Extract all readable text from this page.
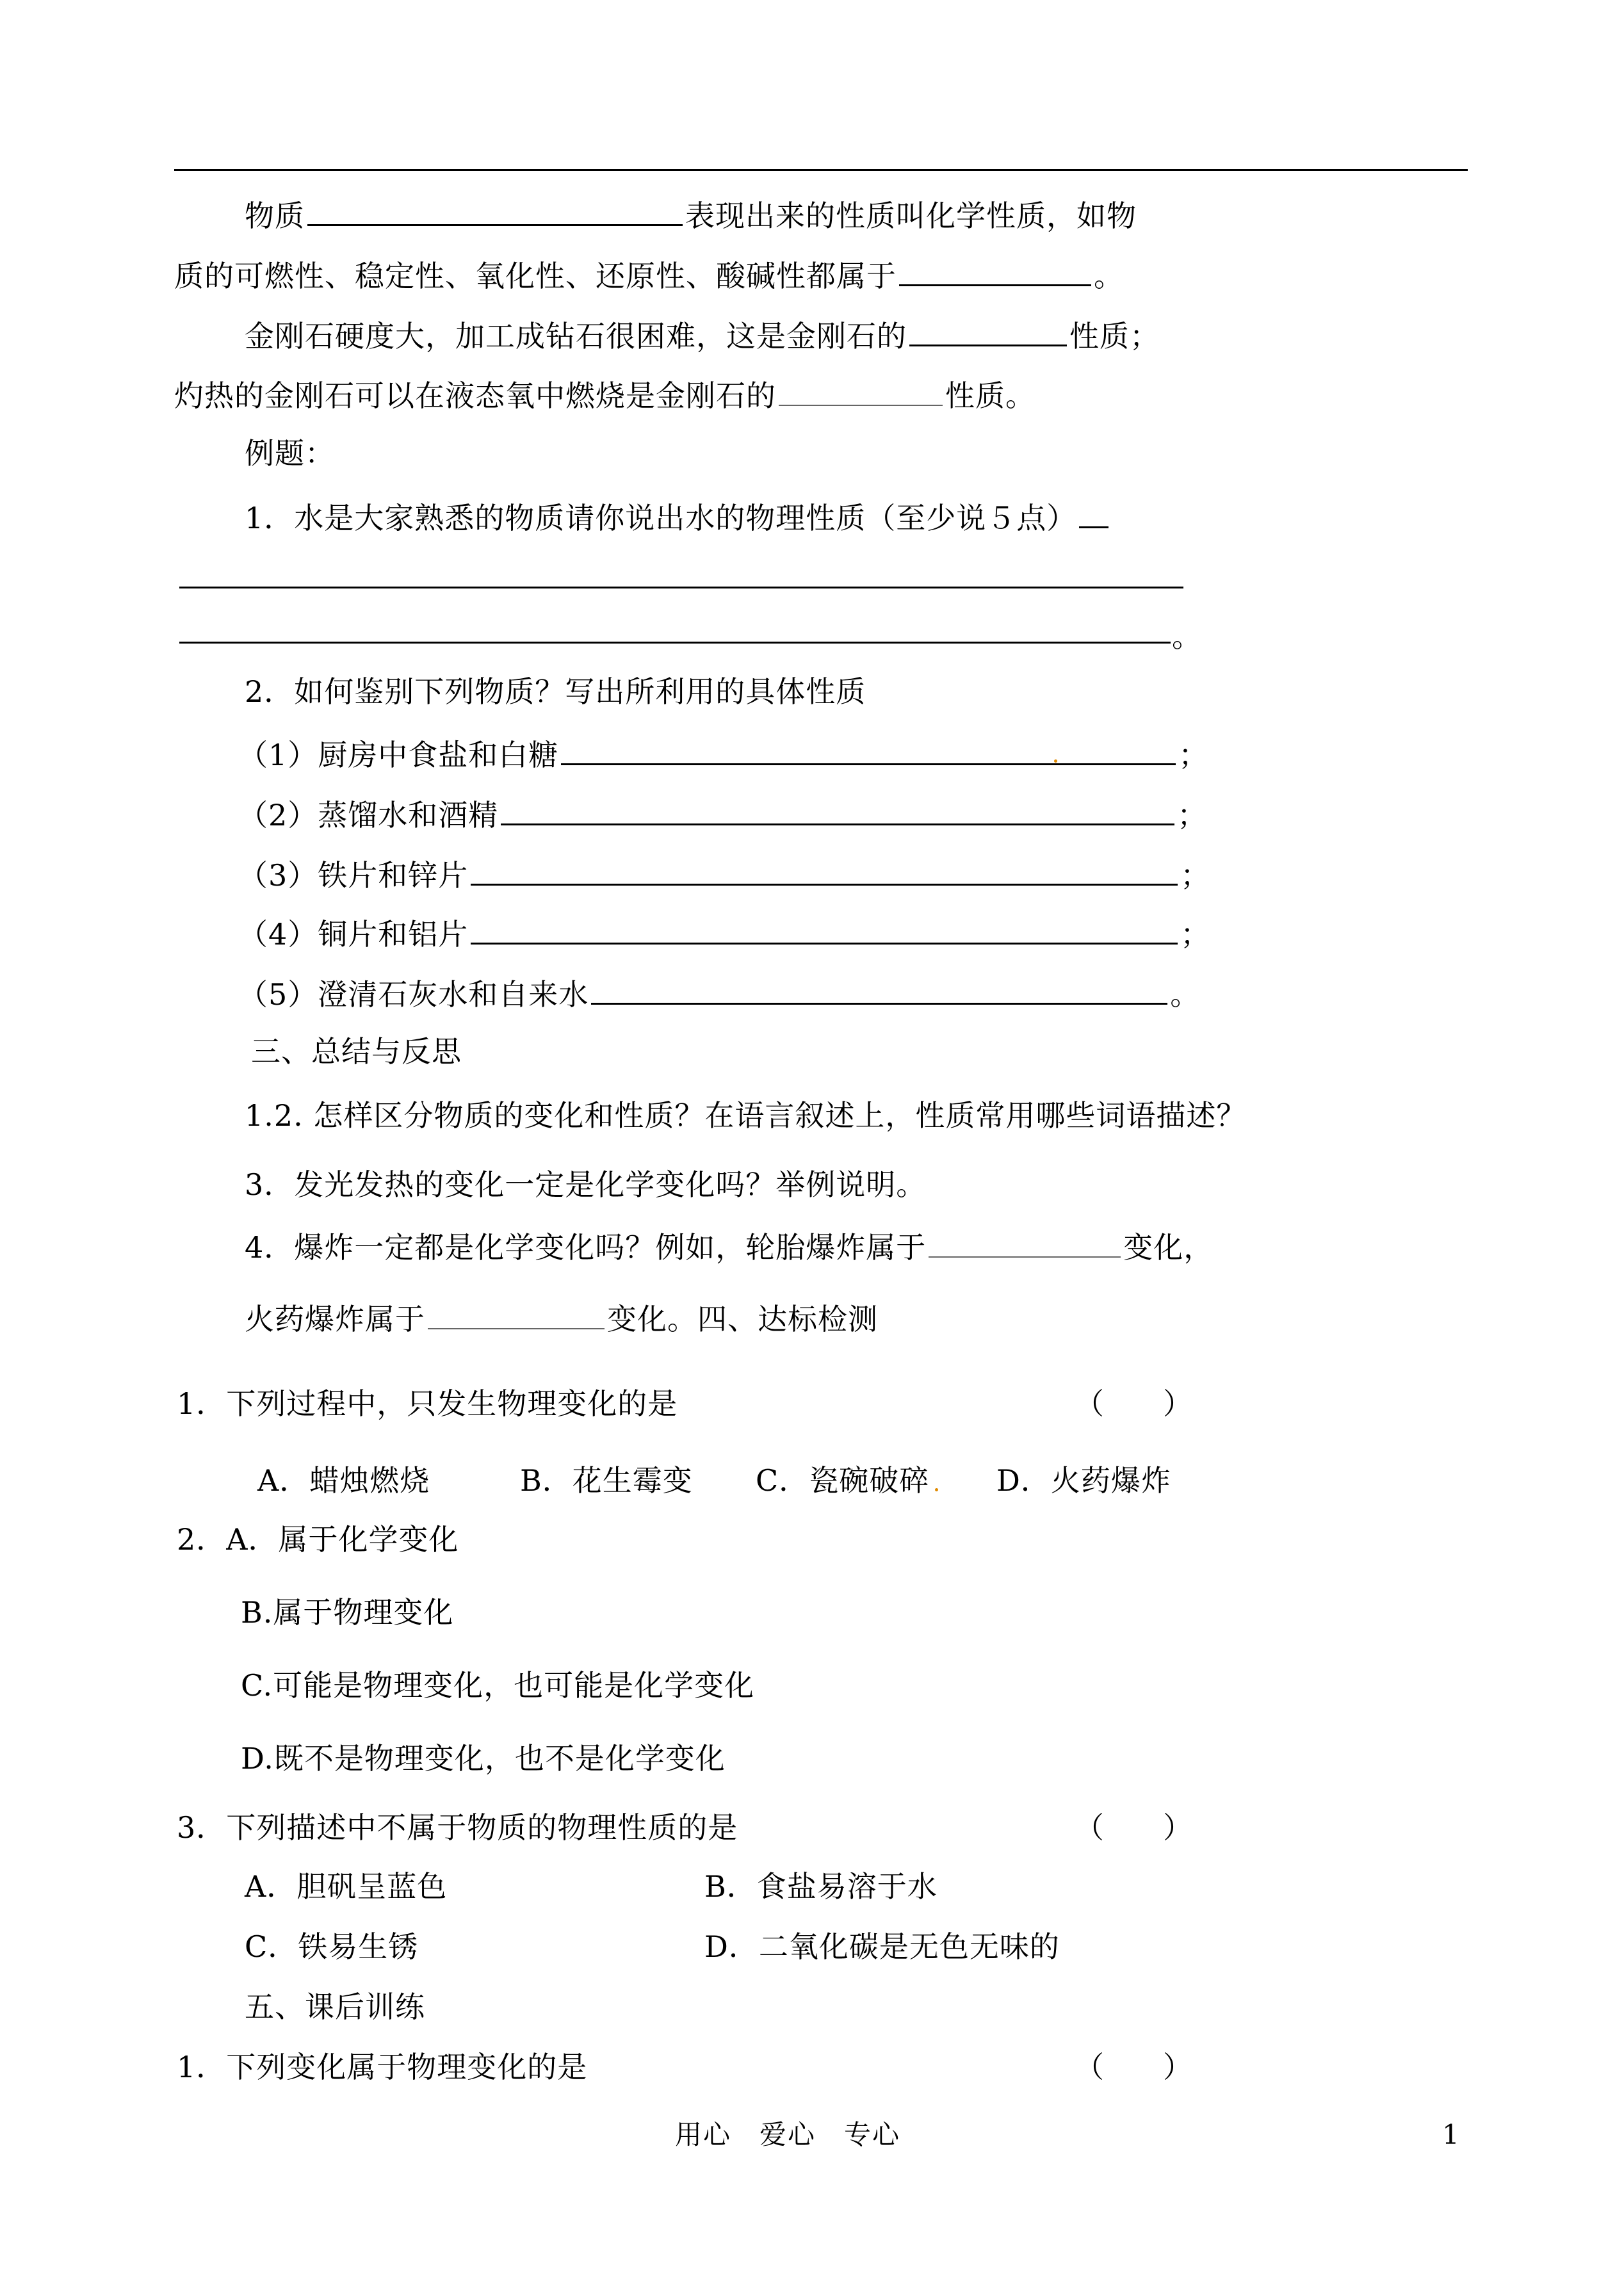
物质	表现出来的性质叫化学性质，如物
质的可燃性、稳定性、氧化性、还原性、酸碱性都属于	。
金刚石硬度大，加工成钻石很困难，这是金刚石的	性质；
灼热的金刚石可以在液态氧中燃烧是金刚石的	性质。
例题：
1．水是大家熟悉的物质请你说出水的物理性质（至少说５点）
。
2．如何鉴别下列物质？写出所利用的具体性质
（1）厨房中食盐和白糖	；
（2）蒸馏水和酒精	；
（3）铁片和锌片	；
（4）铜片和铝片	；
（5）澄清石灰水和自来水	。
三、总结与反思
1.2. 怎样区分物质的变化和性质？在语言叙述上，性质常用哪些词语描述？
3．发光发热的变化一定是化学变化吗？举例说明。
4．爆炸一定都是化学变化吗？例如，轮胎爆炸属于	变化，
火药爆炸属于	变化。四、达标检测
1．下列过程中，只发生物理变化的是	（　　）
A．蜡烛燃烧	B．花生霉变 C．瓷碗破碎 D．火药爆炸
2．A．属于化学变化
B.属于物理变化
C.可能是物理变化，也可能是化学变化
D.既不是物理变化，也不是化学变化
3．下列描述中不属于物质的物理性质的是	（　　）
A．胆矾呈蓝色	B．食盐易溶于水
C．铁易生锈	D．二氧化碳是无色无味的
五、课后训练
1．下列变化属于物理变化的是	（　　）
用心　爱心　专心	1
